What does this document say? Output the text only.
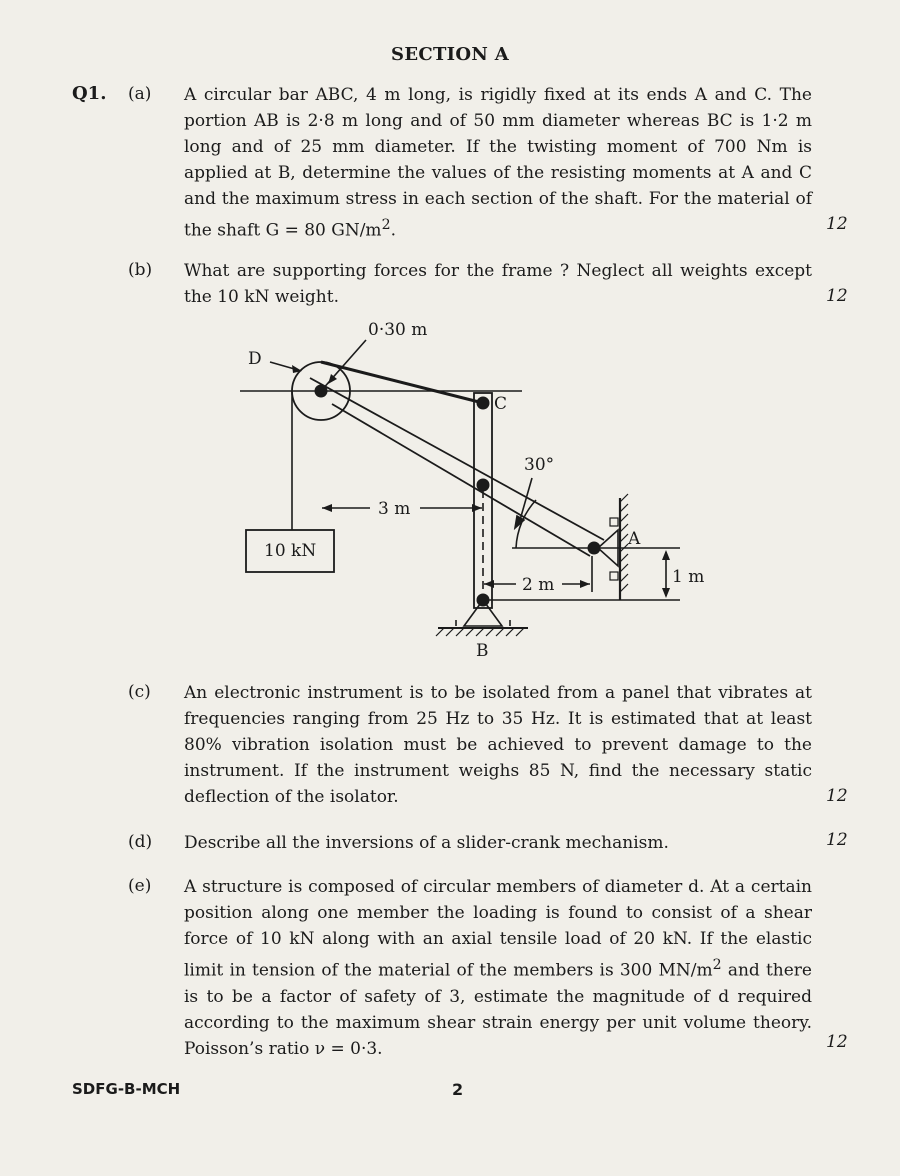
SECTION A
Q1. (a) A circular bar ABC, 4 m long, is rigidly fixed at its ends A and C. The portion AB is 2·8 m long and of 50 mm diameter whereas BC is 1·2 m long and of 25 mm diameter. If the twisting moment of 700 Nm is applied at B, determine the values of the resisting moments at A and C and the maximum stress in each section of the shaft. For the material of the shaft G = 80 $GN/m^2$.	12
(b) What are supporting forces for the frame ? Neglect all weights except the 10 kN weight.	12
0·30 m
D
C
30°
3 m
A
1 m
2 m
B
10 kN
(c) An electronic instrument is to be isolated from a panel that vibrates at frequencies ranging from 25 Hz to 35 Hz. It is estimated that at least 80% vibration isolation must be achieved to prevent damage to the instrument. If the instrument weighs 85 N, find the necessary static deflection of the isolator.	12
(d) Describe all the inversions of a slider-crank mechanism.	12
(e) A structure is composed of circular members of diameter d. At a certain position along one member the loading is found to consist of a shear force of 10 kN along with an axial tensile load of 20 kN. If the elastic limit in tension of the material of the members is 300 $MN/m^2$ and there is to be a factor of safety of 3, estimate the magnitude of d required according to the maximum shear strain energy per unit volume theory. Poisson’s ratio ν = 0·3.	12
SDFG-B-MCH	2
